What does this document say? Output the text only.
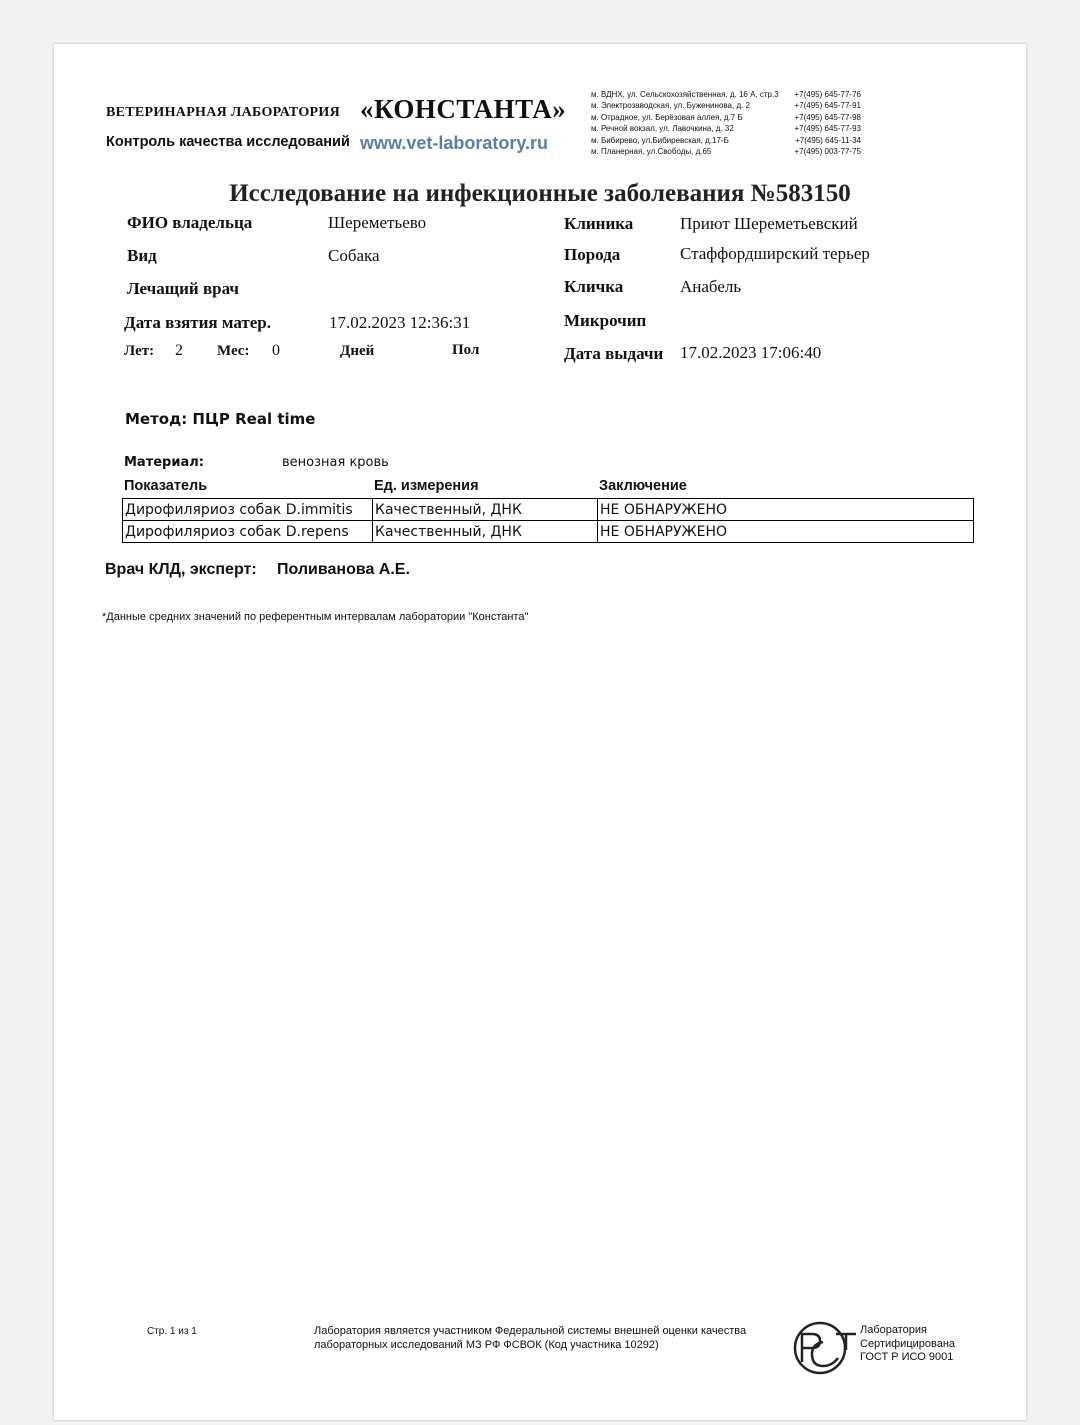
ВЕТЕРИНАРНАЯ ЛАБОРАТОРИЯ «КОНСТАНТА»
Контроль качества исследований www.vet-laboratory.ru
м. ВДНХ, ул. Сельскохозяйственная, д. 16 А, стр.3 +7(495) 645-77-76
м. Электрозаводская, ул. Буженинова, д. 2	+7(495) 645-77-91
м. Отрадное, ул. Берёзовая аллея, д.7 Б	+7(495) 645-77-98
м. Речной вокзал, ул. Лавочкина, д. 32	+7(495) 645-77-93
м. Бибирево, ул.Бибиревская, д.17-Б	+7(495) 645-11-34
м. Планерная, ул.Свободы, д.65	+7(495) 003-77-75
Исследование на инфекционные заболевания №583150
ФИО владельца	Шереметьево
Вид	Собака
Лечащий врач
Дата взятия матер.	17.02.2023 12:36:31
Лет: 2 Мес: 0	Дней	Пол
Клиника	Приют Шереметьевский
Порода	Стаффордширский терьер
Кличка	Анабель
Микрочип
Дата выдачи 17.02.2023 17:06:40
Метод: ПЦР Real time
Материал:	венозная кровь
Показатель	Ед. измерения	Заключение
Дирофиляриоз собак D.immitis	Качественный, ДНК	НЕ ОБНАРУЖЕНО
Дирофиляриоз собак D.repens	Качественный, ДНК	НЕ ОБНАРУЖЕНО
Врач КЛД, эксперт: Поливанова А.Е.
*Данные средних значений по референтным интервалам лаборатории "Константа"
Стр. 1 из 1	Лаборатория является участником Федеральной системы внешней оценки качества лабораторных исследований МЗ РФ ФСВОК (Код участника 10292)
Лаборатория
Сертифицирована
ГОСТ Р ИСО 9001
